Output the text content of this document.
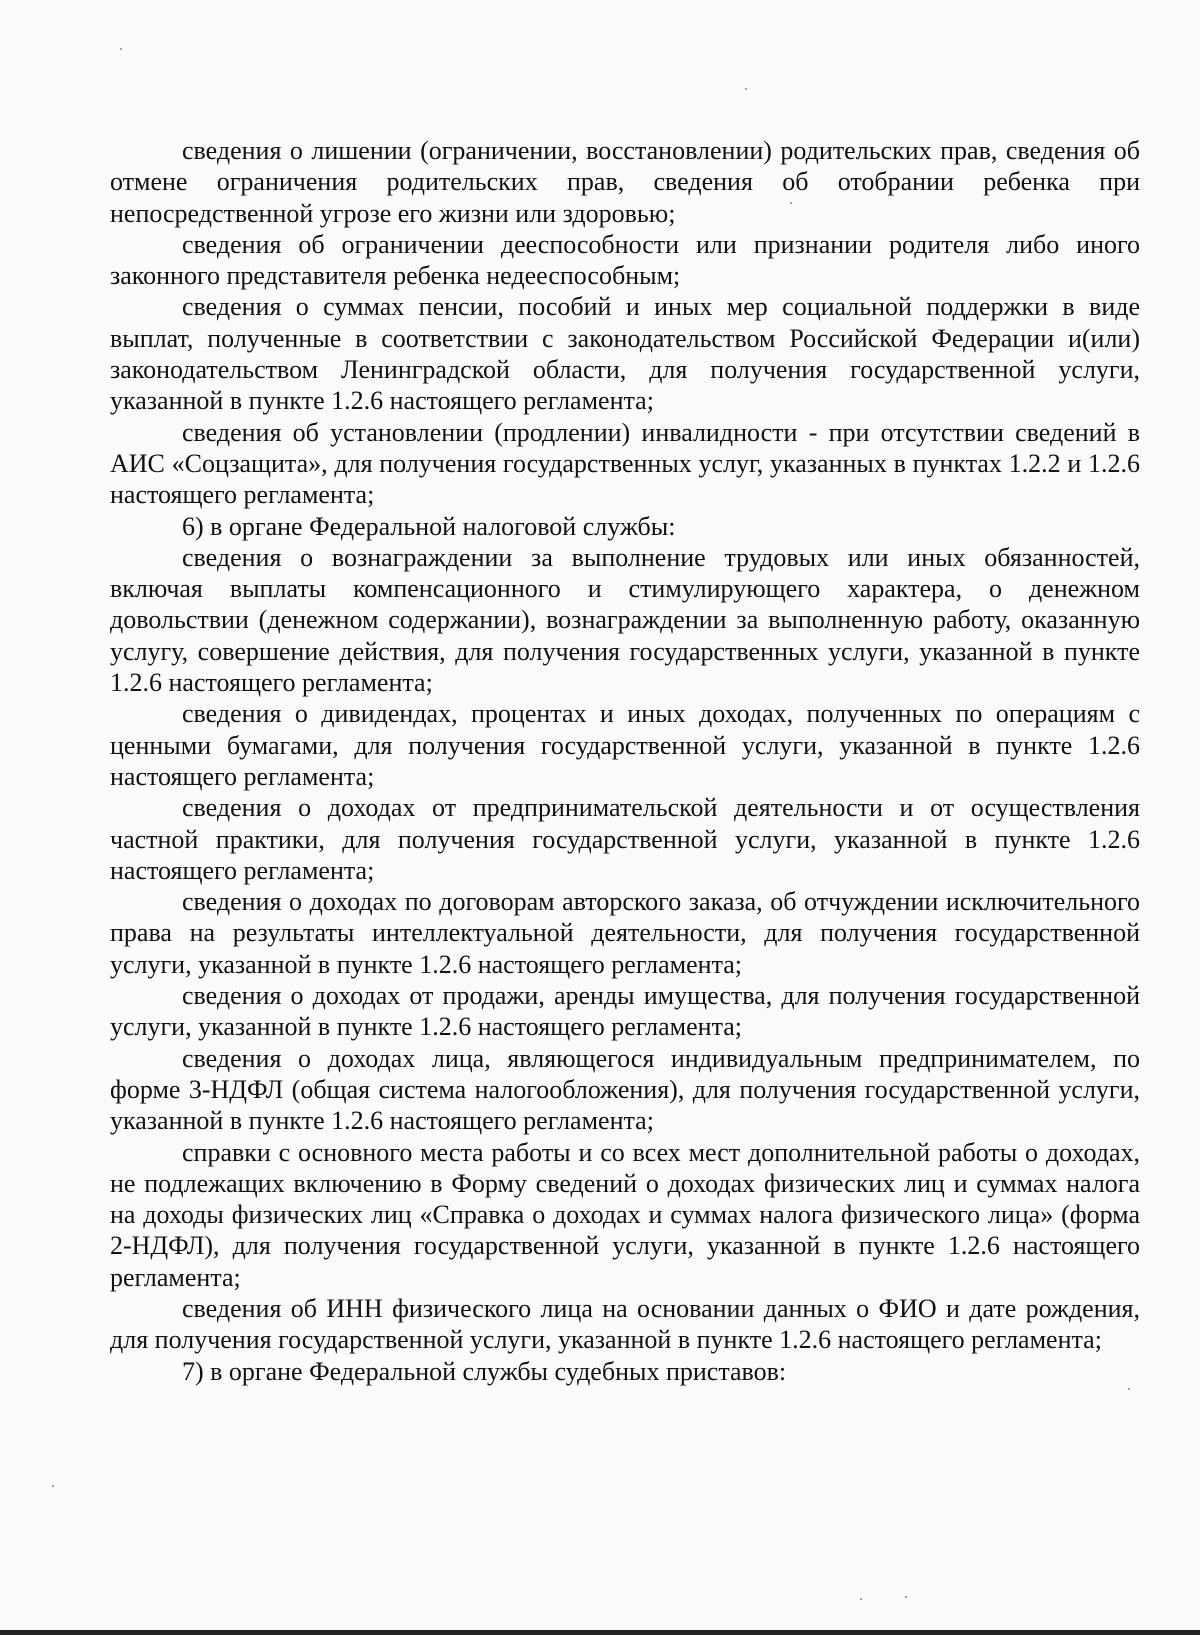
сведения о лишении (ограничении, восстановлении) родительских прав, сведения об отмене ограничения родительских прав, сведения об отобрании ребенка при непосредственной угрозе его жизни или здоровью;

сведения об ограничении дееспособности или признании родителя либо иного законного представителя ребенка недееспособным;

сведения о суммах пенсии, пособий и иных мер социальной поддержки в виде выплат, полученные в соответствии с законодательством Российской Федерации и(или) законодательством Ленинградской области, для получения государственной услуги, указанной в пункте 1.2.6 настоящего регламента;

сведения об установлении (продлении) инвалидности - при отсутствии сведений в АИС «Соцзащита», для получения государственных услуг, указанных в пунктах 1.2.2 и 1.2.6 настоящего регламента;

6) в органе Федеральной налоговой службы:

сведения о вознаграждении за выполнение трудовых или иных обязанностей, включая выплаты компенсационного и стимулирующего характера, о денежном довольствии (денежном содержании), вознаграждении за выполненную работу, оказанную услугу, совершение действия, для получения государственных услуги, указанной в пункте 1.2.6 настоящего регламента;

сведения о дивидендах, процентах и иных доходах, полученных по операциям с ценными бумагами, для получения государственной услуги, указанной в пункте 1.2.6 настоящего регламента;

сведения о доходах от предпринимательской деятельности и от осуществления частной практики, для получения государственной услуги, указанной в пункте 1.2.6 настоящего регламента;

сведения о доходах по договорам авторского заказа, об отчуждении исключительного права на результаты интеллектуальной деятельности, для получения государственной услуги, указанной в пункте 1.2.6 настоящего регламента;

сведения о доходах от продажи, аренды имущества, для получения государственной услуги, указанной в пункте 1.2.6 настоящего регламента;

сведения о доходах лица, являющегося индивидуальным предпринимателем, по форме 3-НДФЛ (общая система налогообложения), для получения государственной услуги, указанной в пункте 1.2.6 настоящего регламента;

справки с основного места работы и со всех мест дополнительной работы о доходах, не подлежащих включению в Форму сведений о доходах физических лиц и суммах налога на доходы физических лиц «Справка о доходах и суммах налога физического лица» (форма 2-НДФЛ), для получения государственной услуги, указанной в пункте 1.2.6 настоящего регламента;

сведения об ИНН физического лица на основании данных о ФИО и дате рождения, для получения государственной услуги, указанной в пункте 1.2.6 настоящего регламента;

7) в органе Федеральной службы судебных приставов:
